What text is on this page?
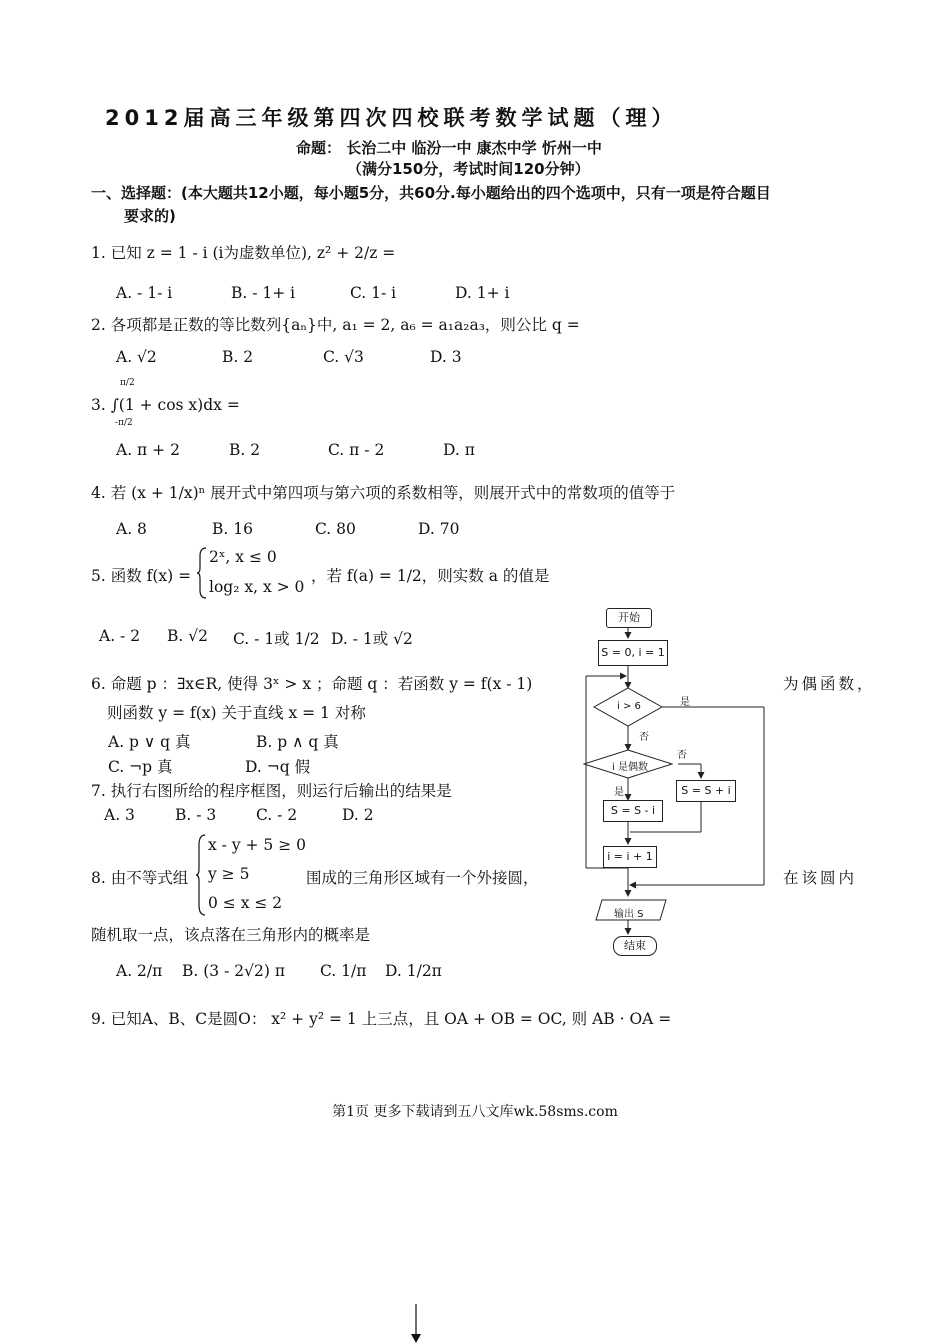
2012届高三年级第四次四校联考数学试题（理）
命题： 长治二中 临汾一中 康杰中学 忻州一中
（满分150分，考试时间120分钟）
一、选择题：(本大题共12小题，每小题5分，共60分.每小题给出的四个选项中，只有一项是符合题目
要求的)
1. 已知 z = 1 - i (i为虚数单位), z² + 2/z =
A. - 1- i	B. - 1+ i	C. 1- i	D. 1+ i
2. 各项都是正数的等比数列{aₙ}中, a₁ = 2, a₆ = a₁a₂a₃，则公比 q =
A. √2	B. 2	C. √3	D. 3
π/2
-π/2
3. ∫(1 + cos x)dx =
A. π + 2	B. 2	C. π - 2	D. π
4. 若 (x + 1/x)ⁿ 展开式中第四项与第六项的系数相等，则展开式中的常数项的值等于
A. 8	B. 16	C. 80	D. 70
5. 函数 f(x) =
2ˣ, x ≤ 0
log₂ x, x > 0
，若 f(a) = 1/2，则实数 a 的值是
A. - 2 B. √2 C. - 1或 1/2 D. - 1或 √2
6. 命题 p ：∃x∈R, 使得 3ˣ > x ；命题 q ：若函数 y = f(x - 1)	为偶函数，
则函数 y = f(x) 关于直线 x = 1 对称
A. p ∨ q 真	B. p ∧ q 真
C. ¬p 真	D. ¬q 假
7. 执行右图所给的程序框图，则运行后输出的结果是
A. 3	B. - 3	C. - 2	D. 2
8. 由不等式组
x - y + 5 ≥ 0
y ≥ 5
0 ≤ x ≤ 2
围成的三角形区域有一个外接圆，	在该圆内
随机取一点，该点落在三角形内的概率是
A. 2/π B. (3 - 2√2) π C. 1/π D. 1/2π
9. 已知A、B、C是圆O： x² + y² = 1 上三点，且 OA + OB = OC, 则 AB · OA =
开始
S = 0, i = 1
i > 6	是
否
i 是偶数
否
是
S = S - i
S = S + i
i = i + 1
输出 S
结束
第1页 更多下载请到五八文库wk.58sms.com
